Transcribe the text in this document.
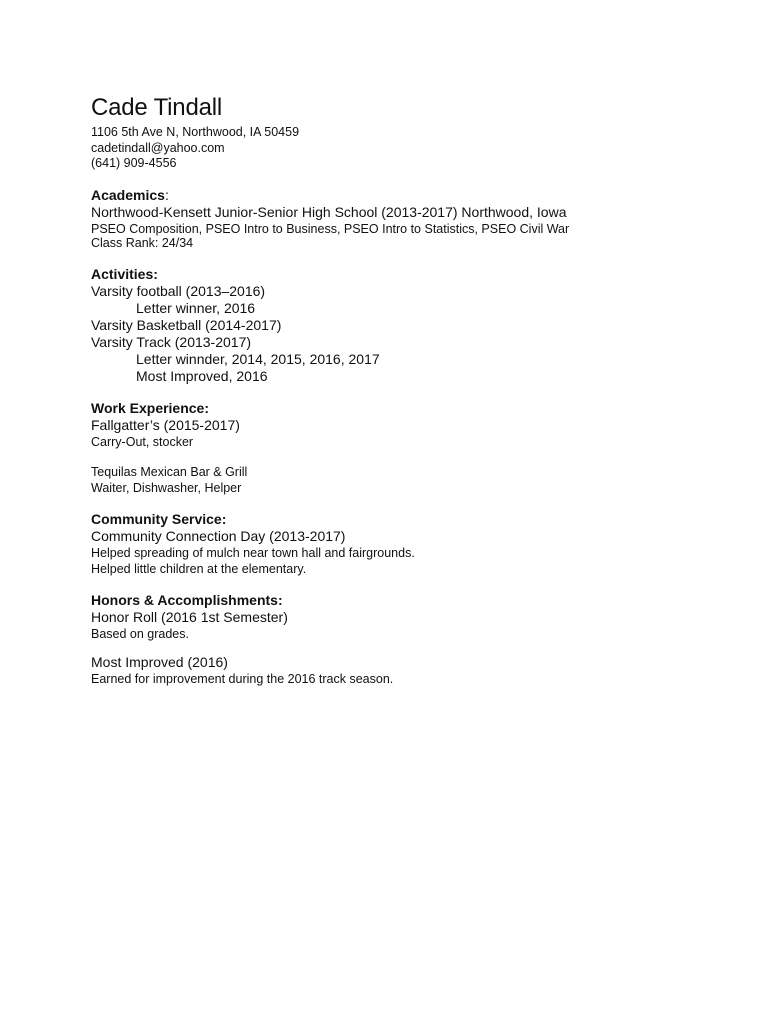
Cade Tindall
1106 5th Ave N, Northwood, IA 50459
cadetindall@yahoo.com
(641) 909-4556
Academics:
Northwood-Kensett Junior-Senior High School (2013-2017) Northwood, Iowa
PSEO Composition, PSEO Intro to Business, PSEO Intro to Statistics, PSEO Civil War
Class Rank: 24/34
Activities:
Varsity football (2013–2016)
Letter winner, 2016
Varsity Basketball (2014-2017)
Varsity Track (2013-2017)
Letter winnder, 2014, 2015, 2016, 2017
Most Improved, 2016
Work Experience:
Fallgatter’s (2015-2017)
Carry-Out, stocker
Tequilas Mexican Bar & Grill
Waiter, Dishwasher, Helper
Community Service:
Community Connection Day (2013-2017)
Helped spreading of mulch near town hall and fairgrounds.
Helped little children at the elementary.
Honors & Accomplishments:
Honor Roll (2016 1st Semester)
Based on grades.
Most Improved (2016)
Earned for improvement during the 2016 track season.
